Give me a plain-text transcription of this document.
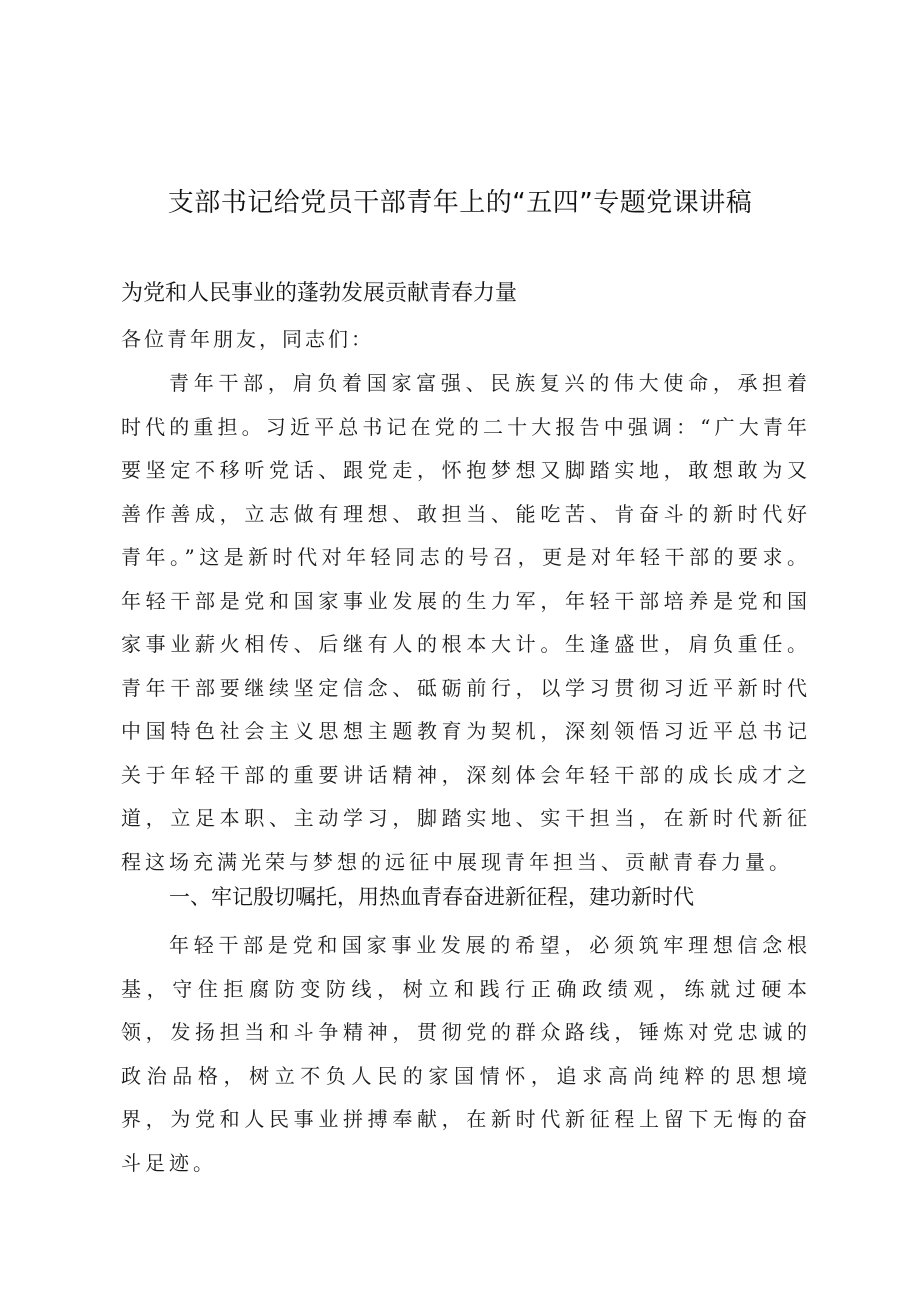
支部书记给党员干部青年上的“五四”专题党课讲稿
为党和人民事业的蓬勃发展贡献青春力量

各位青年朋友，同志们：

青年干部，肩负着国家富强、民族复兴的伟大使命，承担着时代的重担。习近平总书记在党的二十大报告中强调：“广大青年要坚定不移听党话、跟党走，怀抱梦想又脚踏实地，敢想敢为又善作善成，立志做有理想、敢担当、能吃苦、肯奋斗的新时代好青年。”这是新时代对年轻同志的号召，更是对年轻干部的要求。年轻干部是党和国家事业发展的生力军，年轻干部培养是党和国家事业薪火相传、后继有人的根本大计。生逢盛世，肩负重任。青年干部要继续坚定信念、砥砺前行，以学习贯彻习近平新时代中国特色社会主义思想主题教育为契机，深刻领悟习近平总书记关于年轻干部的重要讲话精神，深刻体会年轻干部的成长成才之道，立足本职、主动学习，脚踏实地、实干担当，在新时代新征程这场充满光荣与梦想的远征中展现青年担当、贡献青春力量。

一、牢记殷切嘱托，用热血青春奋进新征程，建功新时代

年轻干部是党和国家事业发展的希望，必须筑牢理想信念根基，守住拒腐防变防线，树立和践行正确政绩观，练就过硬本领，发扬担当和斗争精神，贯彻党的群众路线，锤炼对党忠诚的政治品格，树立不负人民的家国情怀，追求高尚纯粹的思想境界，为党和人民事业拼搏奉献，在新时代新征程上留下无悔的奋斗足迹。
